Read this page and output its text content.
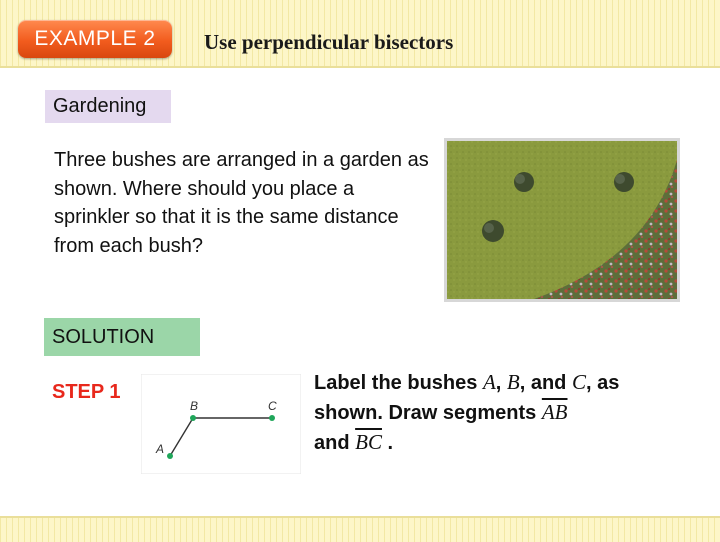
EXAMPLE 2	Use perpendicular bisectors
Gardening
Three bushes are arranged in a garden as shown. Where should you place a sprinkler so that it is the same distance from each bush?
SOLUTION
STEP 1
A
B	C
Label the bushes A, B, and C, as shown. Draw segments $\overline{AB}$
and $\overline{BC}$ .
